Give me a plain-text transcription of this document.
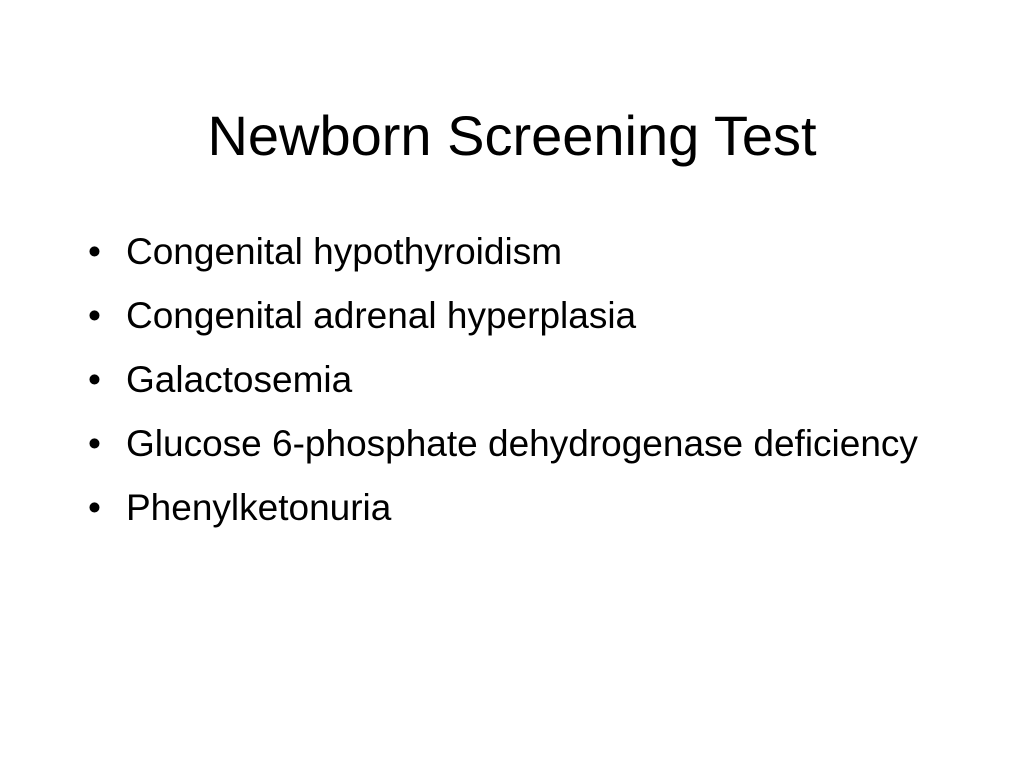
Newborn Screening Test
• Congenital hypothyroidism
• Congenital adrenal hyperplasia
• Galactosemia
• Glucose 6-phosphate dehydrogenase deficiency
• Phenylketonuria
